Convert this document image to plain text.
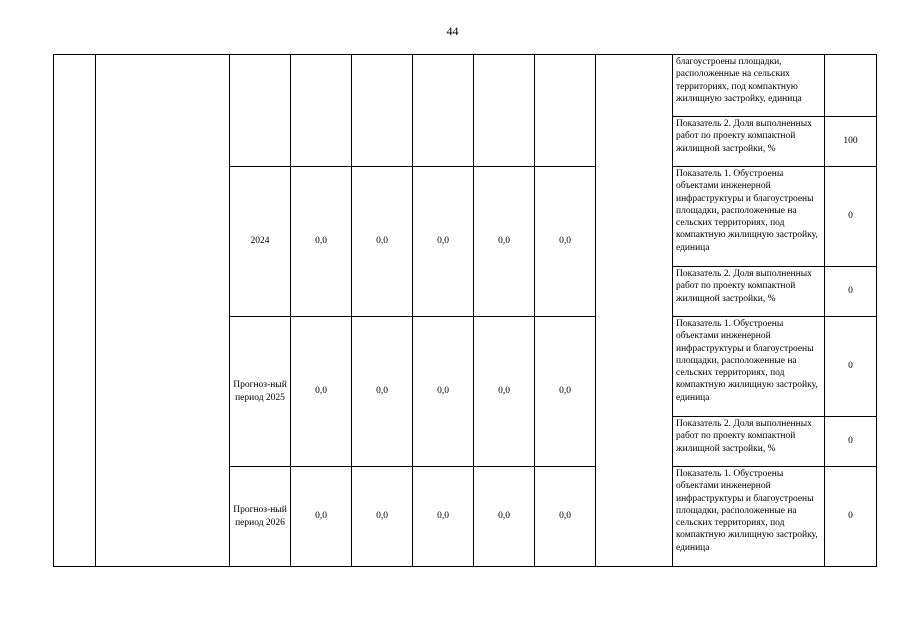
44
									благоустроены площадки, расположенные на сельских территориях, под компактную жилищную застройку, единица	
									Показатель 2. Доля выполненных работ по проекту компактной жилищной застройки, %	100
		2024	0,0	0,0	0,0	0,0	0,0		Показатель 1. Обустроены объектами инженерной инфраструктуры и благоустроены площадки, расположенные на сельских территориях, под компактную жилищную застройку, единица	0
									Показатель 2. Доля выполненных работ по проекту компактной жилищной застройки, %	0
		Прогноз-ный период 2025	0,0	0,0	0,0	0,0	0,0		Показатель 1. Обустроены объектами инженерной инфраструктуры и благоустроены площадки, расположенные на сельских территориях, под компактную жилищную застройку, единица	0
									Показатель 2. Доля выполненных работ по проекту компактной жилищной застройки, %	0
		Прогноз-ный период 2026	0,0	0,0	0,0	0,0	0,0		Показатель 1. Обустроены объектами инженерной инфраструктуры и благоустроены площадки, расположенные на сельских территориях, под компактную жилищную застройку, единица	0
